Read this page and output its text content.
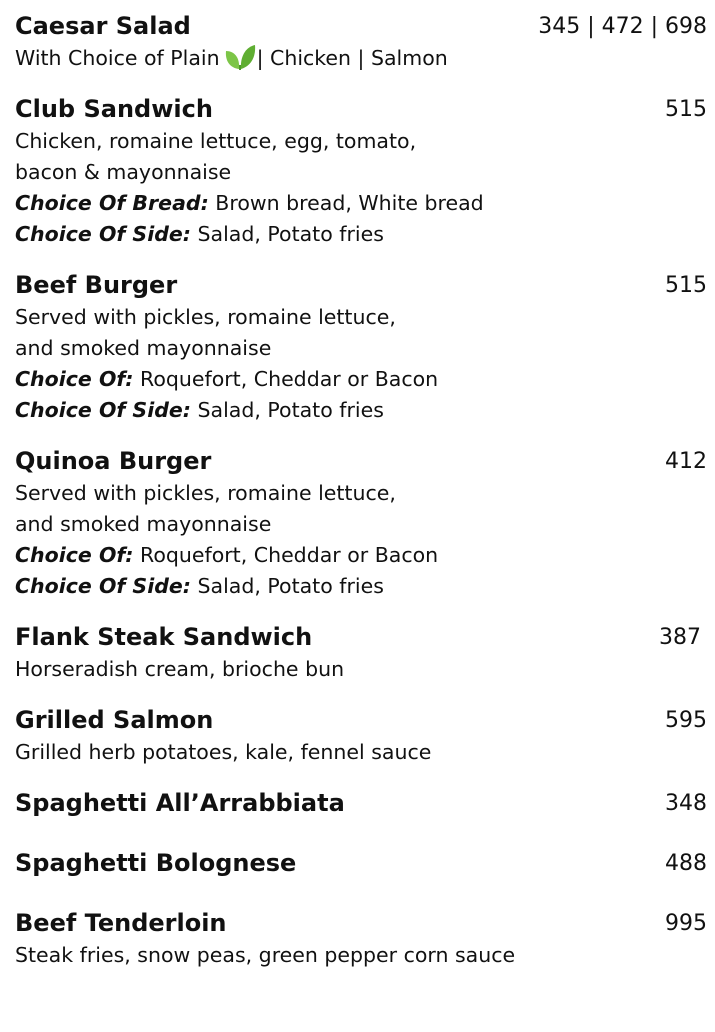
Caesar Salad	345 | 472 | 698
With Choice of Plain | Chicken | Salmon
Club Sandwich	515
Chicken, romaine lettuce, egg, tomato,
bacon & mayonnaise
Choice Of Bread: Brown bread, White bread
Choice Of Side: Salad, Potato fries
Beef Burger	515
Served with pickles, romaine lettuce,
and smoked mayonnaise
Choice Of: Roquefort, Cheddar or Bacon
Choice Of Side: Salad, Potato fries
Quinoa Burger	412
Served with pickles, romaine lettuce,
and smoked mayonnaise
Choice Of: Roquefort, Cheddar or Bacon
Choice Of Side: Salad, Potato fries
Flank Steak Sandwich	387
Horseradish cream, brioche bun
Grilled Salmon	595
Grilled herb potatoes, kale, fennel sauce
Spaghetti All’Arrabbiata	348
Spaghetti Bolognese	488
Beef Tenderloin	995
Steak fries, snow peas, green pepper corn sauce
